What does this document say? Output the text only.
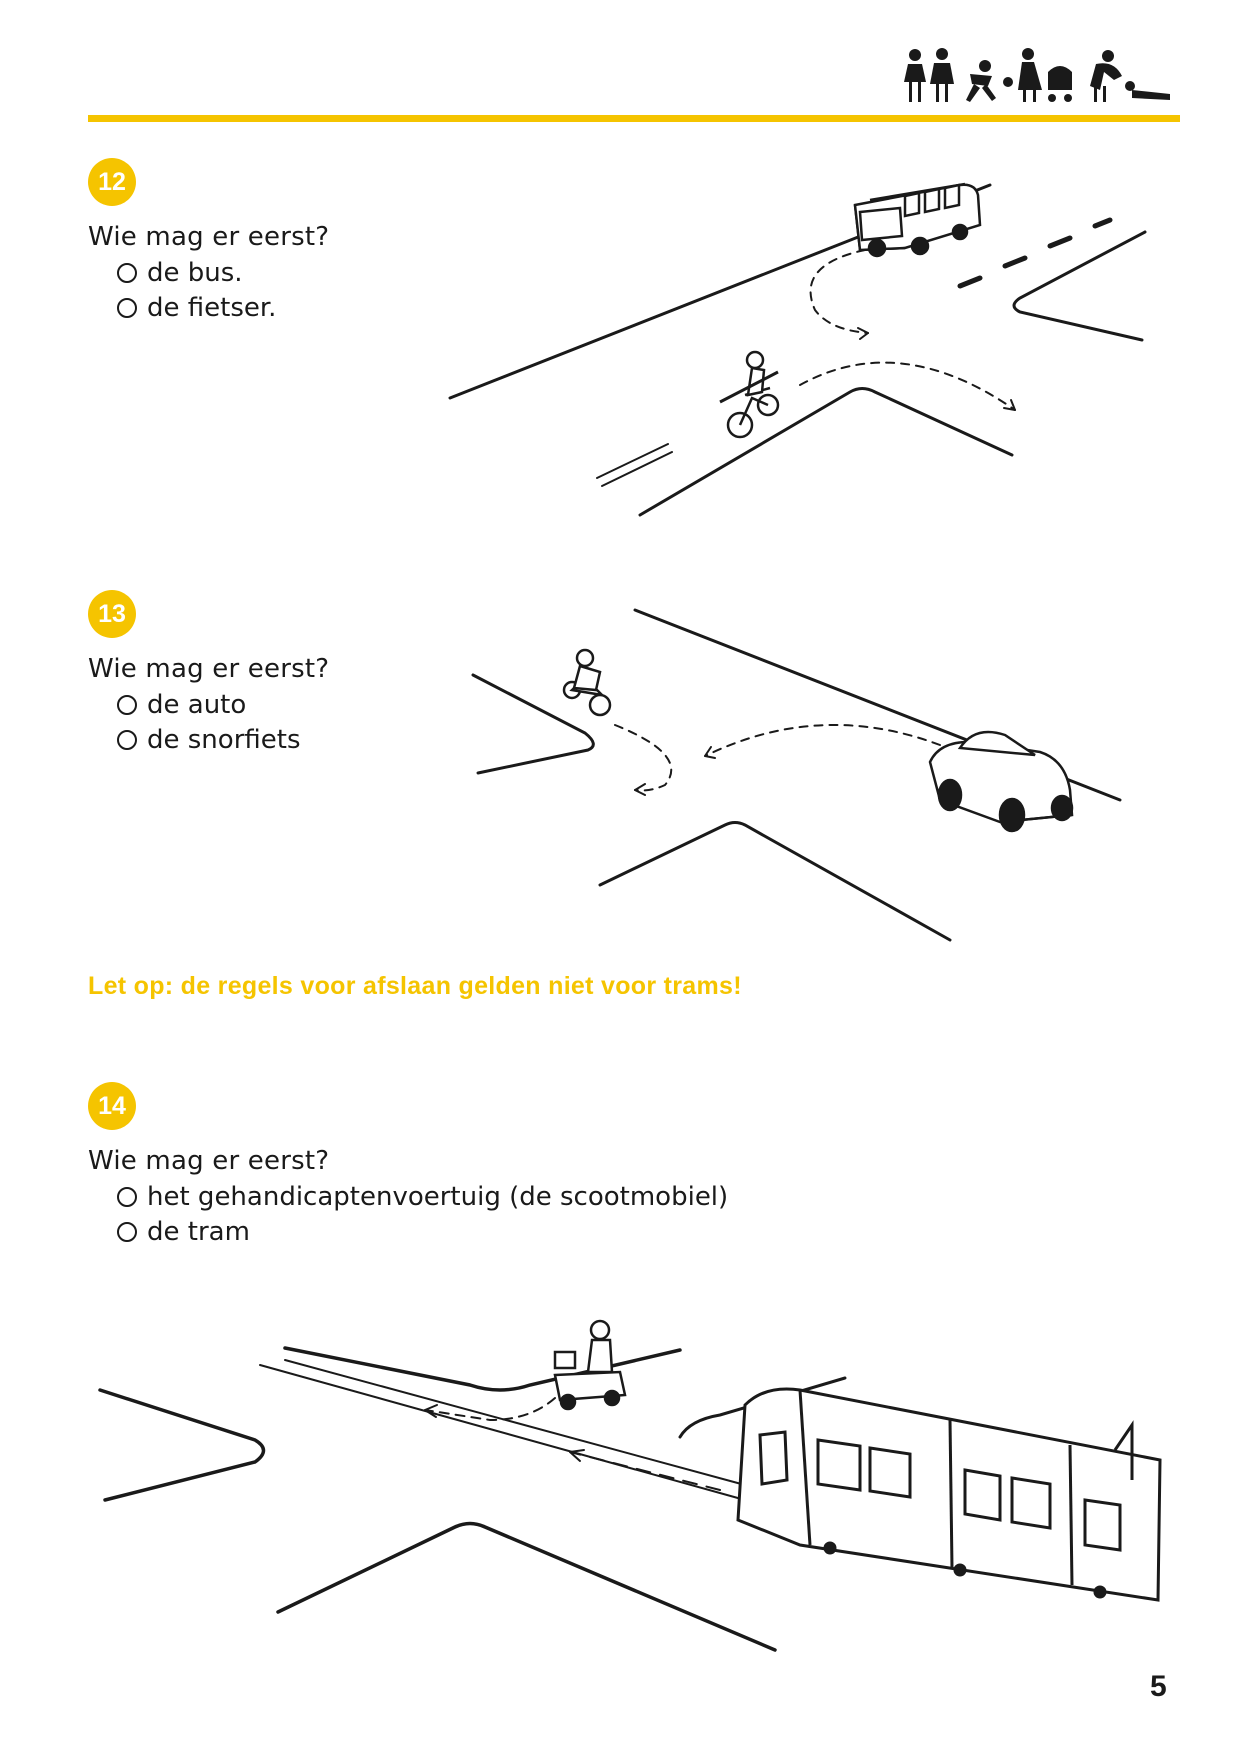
12
Wie mag er eerst?
de bus.
de fietser.
13
Wie mag er eerst?
de auto
de snorfiets
Let op: de regels voor afslaan gelden niet voor trams!
14
Wie mag er eerst?
het gehandicaptenvoertuig (de scootmobiel)
de tram
5
